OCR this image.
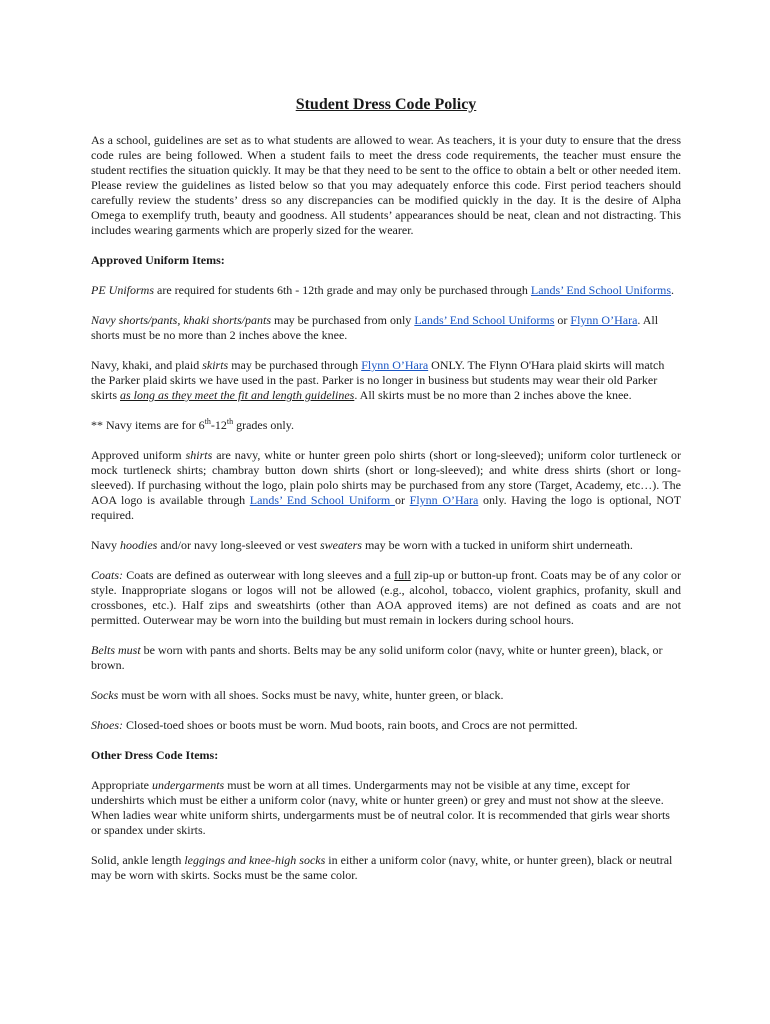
Student Dress Code Policy

As a school, guidelines are set as to what students are allowed to wear. As teachers, it is your duty to ensure that the dress code rules are being followed. When a student fails to meet the dress code requirements, the teacher must ensure the student rectifies the situation quickly. It may be that they need to be sent to the office to obtain a belt or other needed item. Please review the guidelines as listed below so that you may adequately enforce this code. First period teachers should carefully review the students’ dress so any discrepancies can be modified quickly in the day. It is the desire of Alpha Omega to exemplify truth, beauty and goodness. All students’ appearances should be neat, clean and not distracting. This includes wearing garments which are properly sized for the wearer.

Approved Uniform Items:

PE Uniforms are required for students 6th - 12th grade and may only be purchased through Lands’ End School Uniforms.

Navy shorts/pants, khaki shorts/pants may be purchased from only Lands’ End School Uniforms or Flynn O’Hara. All shorts must be no more than 2 inches above the knee.

Navy, khaki, and plaid skirts may be purchased through Flynn O’Hara ONLY. The Flynn O'Hara plaid skirts will match the Parker plaid skirts we have used in the past. Parker is no longer in business but students may wear their old Parker skirts as long as they meet the fit and length guidelines. All skirts must be no more than 2 inches above the knee.

** Navy items are for 6th-12th grades only.

Approved uniform shirts are navy, white or hunter green polo shirts (short or long-sleeved); uniform color turtleneck or mock turtleneck shirts; chambray button down shirts (short or long-sleeved); and white dress shirts (short or long-sleeved). If purchasing without the logo, plain polo shirts may be purchased from any store (Target, Academy, etc…). The AOA logo is available through Lands’ End School Uniform or Flynn O’Hara only. Having the logo is optional, NOT required.

Navy hoodies and/or navy long-sleeved or vest sweaters may be worn with a tucked in uniform shirt underneath.

Coats: Coats are defined as outerwear with long sleeves and a full zip-up or button-up front. Coats may be of any color or style. Inappropriate slogans or logos will not be allowed (e.g., alcohol, tobacco, violent graphics, profanity, skull and crossbones, etc.). Half zips and sweatshirts (other than AOA approved items) are not defined as coats and are not permitted. Outerwear may be worn into the building but must remain in lockers during school hours.

Belts must be worn with pants and shorts. Belts may be any solid uniform color (navy, white or hunter green), black, or brown.

Socks must be worn with all shoes. Socks must be navy, white, hunter green, or black.

Shoes: Closed-toed shoes or boots must be worn. Mud boots, rain boots, and Crocs are not permitted.

Other Dress Code Items:

Appropriate undergarments must be worn at all times. Undergarments may not be visible at any time, except for undershirts which must be either a uniform color (navy, white or hunter green) or grey and must not show at the sleeve. When ladies wear white uniform shirts, undergarments must be of neutral color. It is recommended that girls wear shorts or spandex under skirts.

Solid, ankle length leggings and knee-high socks in either a uniform color (navy, white, or hunter green), black or neutral may be worn with skirts. Socks must be the same color.
